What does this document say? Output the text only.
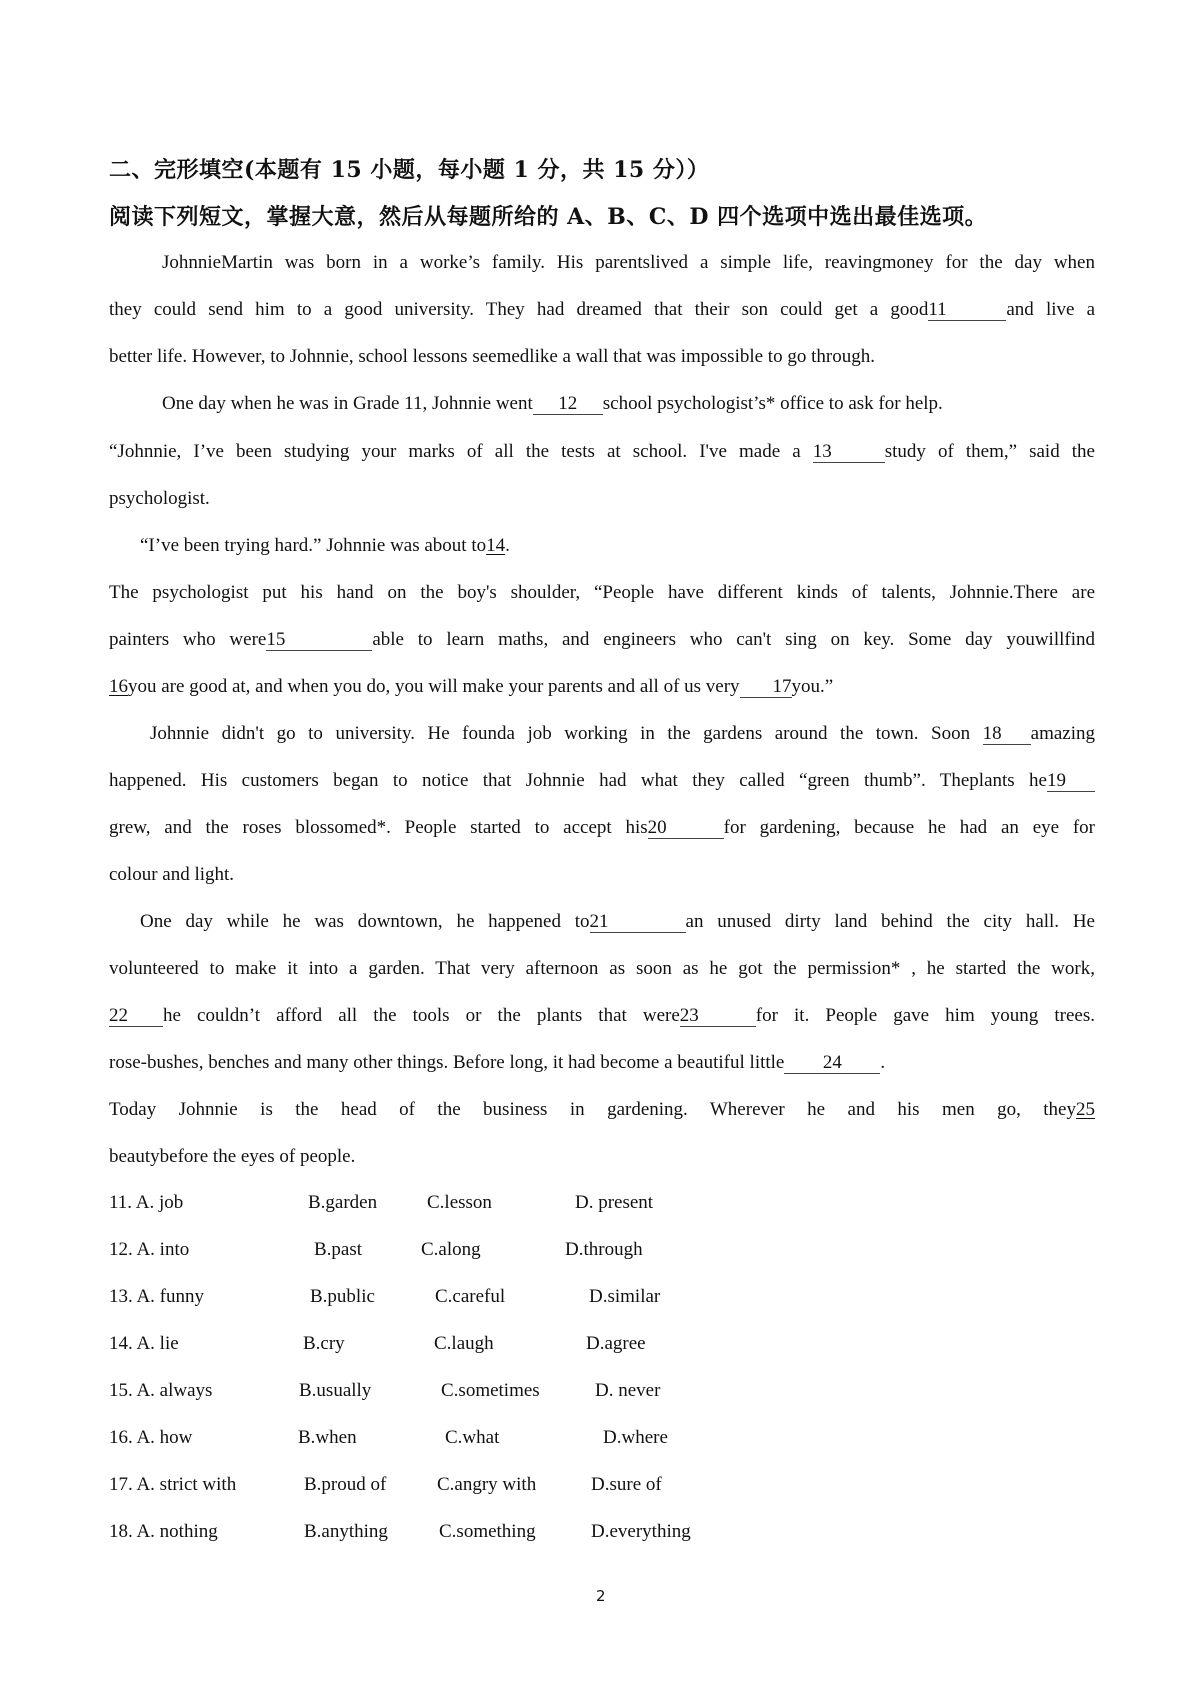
二、完形填空(本题有 15 小题，每小题 1 分，共 15 分））
阅读下列短文，掌握大意，然后从每题所给的 A、B、C、D 四个选项中选出最佳选项。
JohnnieMartin was born in a worke’s family. His parentslived a simple life, reavingmoney for the day when
they could send him to a good university. They had dreamed that their son could get a good11	and live a
better life. However, to Johnnie, school lessons seemedlike a wall that was impossible to go through.
One day when he was in Grade 11, Johnnie went 12 school psychologist’s* office to ask for help.
“Johnnie, I’ve been studying your marks of all the tests at school. I've made a 13	study of them,” said the
psychologist.
“I’ve been trying hard.” Johnnie was about to14.
The psychologist put his hand on the boy's shoulder, “People have different kinds of talents, Johnnie.There are
painters who were15	able to learn maths, and engineers who can't sing on key. Some day youwillfind
16you are good at, and when you do, you will make your parents and all of us very 17you.”
Johnnie didn't go to university. He founda job working in the gardens around the town. Soon 18 amazing
happened. His customers began to notice that Johnnie had what they called “green thumb”. Theplants he19
grew, and the roses blossomed*. People started to accept his20	for gardening, because he had an eye for
colour and light.
One day while he was downtown, he happened to21	an unused dirty land behind the city hall. He
volunteered to make it into a garden. That very afternoon as soon as he got the permission* , he started the work,
22 he couldn’t afford all the tools or the plants that were23	for it. People gave him young trees.
rose-bushes, benches and many other things. Before long, it had become a beautiful little 24 .
Today Johnnie is the head of the business in gardening. Wherever he and his men go, they25
beautybefore the eyes of people.
11. A. job	B.garden	C.lesson	D. present
12. A. into	B.past	C.along	D.through
13. A. funny	B.public	C.careful	D.similar
14. A. lie	B.cry	C.laugh	D.agree
15. A. always	B.usually	C.sometimes	D. never
16. A. how	B.when	C.what	D.where
17. A. strict with	B.proud of	C.angry with	D.sure of
18. A. nothing	B.anything	C.something	D.everything
2
